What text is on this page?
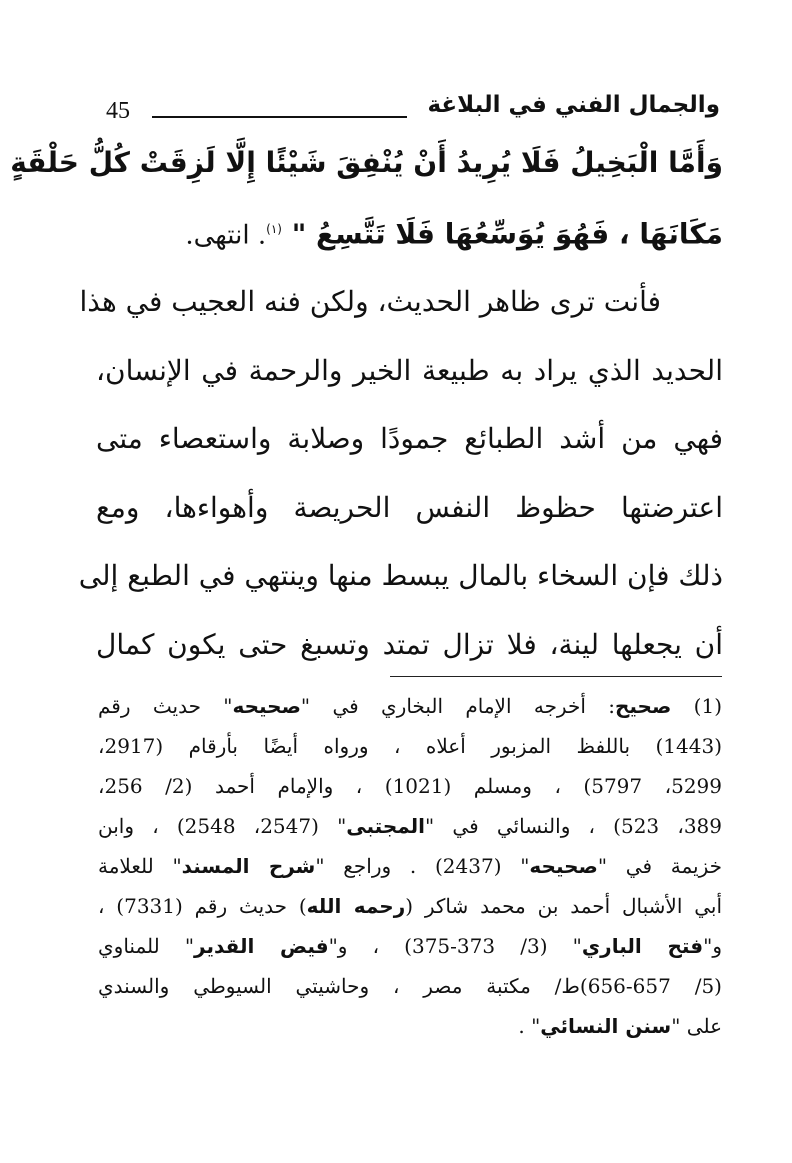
45	والجمال الفني في البلاغة
وَأَمَّا الْبَخِيلُ فَلَا يُرِيدُ أَنْ يُنْفِقَ شَيْئًا إِلَّا لَزِقَتْ كُلُّ حَلْقَةٍ
مَكَانَهَا ، فَهُوَ يُوَسِّعُهَا فَلَا تَتَّسِعُ " $^{(١)}$. انتهى.
فأنت ترى ظاهر الحديث، ولكن فنه العجيب في هذا
الحديد الذي يراد به طبيعة الخير والرحمة في الإنسان،
فهي من أشد الطبائع جمودًا وصلابة واستعصاء متى
اعترضتها حظوظ النفس الحريصة وأهواءها، ومع
ذلك فإن السخاء بالمال يبسط منها وينتهي في الطبع إلى
أن يجعلها لينة، فلا تزال تمتد وتسبغ حتى يكون كمال
(1) صحيح: أخرجه الإمام البخاري في "صحيحه" حديث رقم
(1443) باللفظ المزبور أعلاه ، ورواه أيضًا بأرقام (2917،
5299، 5797) ، ومسلم (1021) ، والإمام أحمد (2/ 256،
389، 523) ، والنسائي في "المجتبى" (2547، 2548) ، وابن
خزيمة في "صحيحه" (2437) . وراجع "شرح المسند" للعلامة
أبي الأشبال أحمد بن محمد شاكر (رحمه الله) حديث رقم (7331) ،
و"فتح الباري" (3/ 373-375) ، و"فيض القدير" للمناوي
(5/ 656-657)ط/ مكتبة مصر ، وحاشيتي السيوطي والسندي
على "سنن النسائي" .
